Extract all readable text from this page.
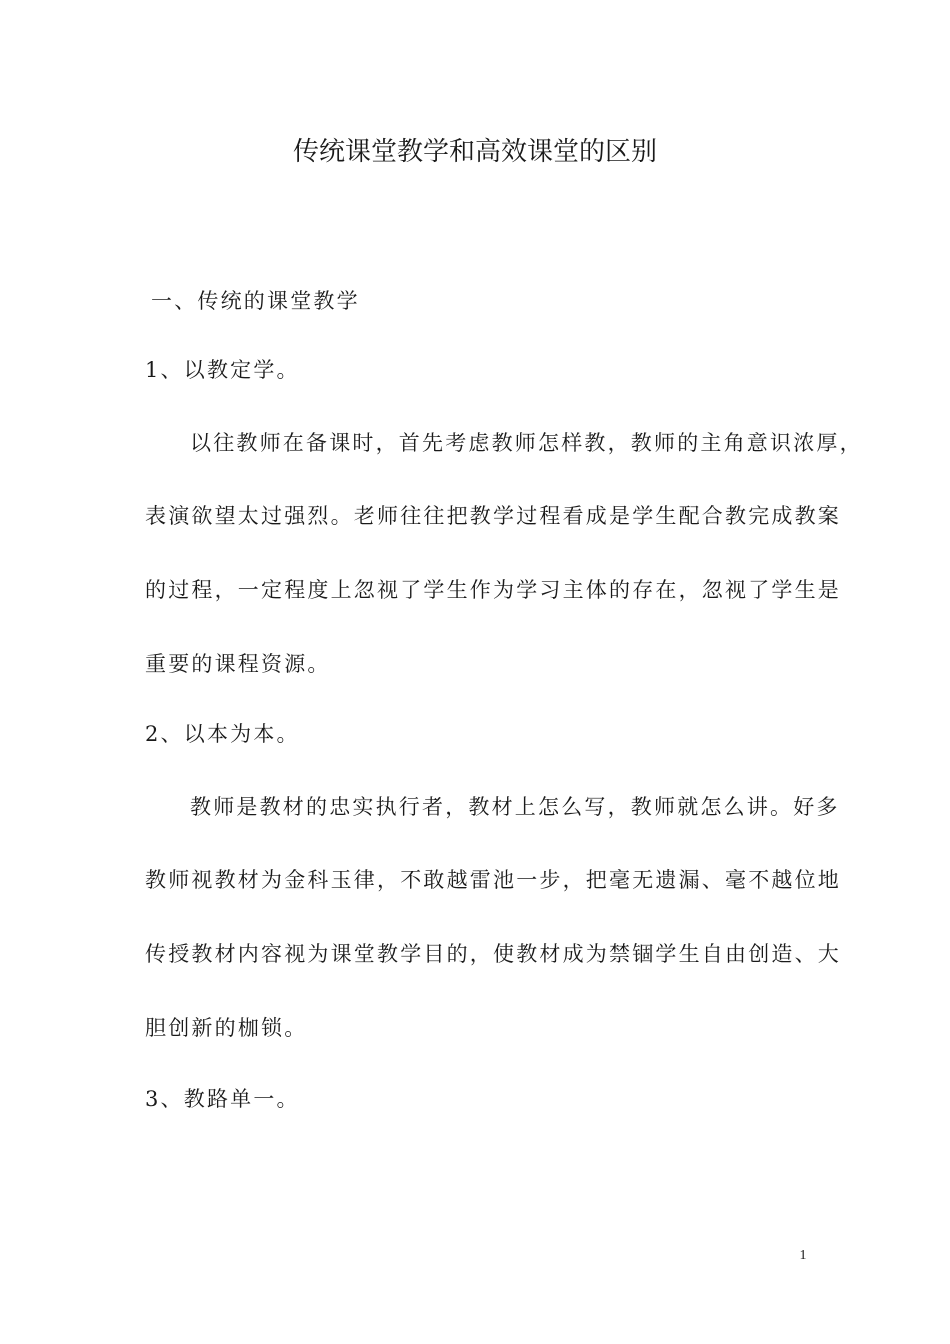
传统课堂教学和高效课堂的区别
一、传统的课堂教学
1、以教定学。
以往教师在备课时，首先考虑教师怎样教，教师的主角意识浓厚，
表演欲望太过强烈。老师往往把教学过程看成是学生配合教完成教案
的过程，一定程度上忽视了学生作为学习主体的存在，忽视了学生是
重要的课程资源。
2、以本为本。
教师是教材的忠实执行者，教材上怎么写，教师就怎么讲。好多
教师视教材为金科玉律，不敢越雷池一步，把毫无遗漏、毫不越位地
传授教材内容视为课堂教学目的，使教材成为禁锢学生自由创造、大
胆创新的枷锁。
3、教路单一。
1
